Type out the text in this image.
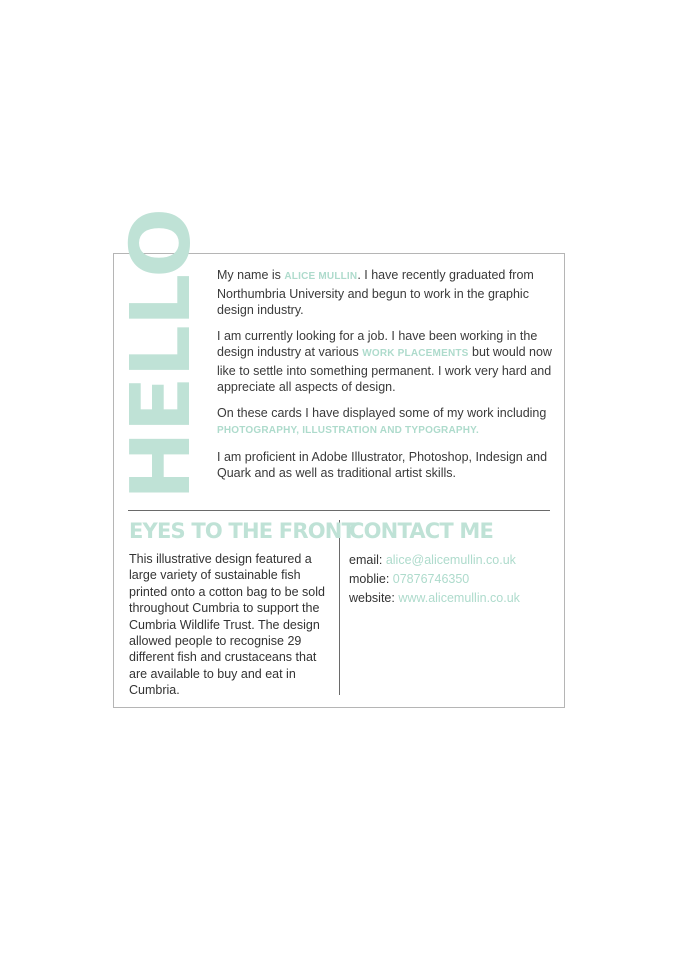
HELLO My name is ALICE MULLIN. I have recently graduated from Northumbria University and begun to work in the graphic design industry.

I am currently looking for a job. I have been working in the design industry at various WORK PLACEMENTS but would now like to settle into something permanent. I work very hard and appreciate all aspects of design.

On these cards I have displayed some of my work including PHOTOGRAPHY, ILLUSTRATION AND TYPOGRAPHY.

I am proficient in Adobe Illustrator, Photoshop, Indesign and Quark and as well as traditional artist skills.

EYES TO THE FRONT
This illustrative design featured a large variety of sustainable fish printed onto a cotton bag to be sold throughout Cumbria to support the Cumbria Wildlife Trust. The design allowed people to recognise 29 different fish and crustaceans that are available to buy and eat in Cumbria.
CONTACT ME
email: alice@alicemullin.co.uk
moblie: 07876746350
website: www.alicemullin.co.uk
